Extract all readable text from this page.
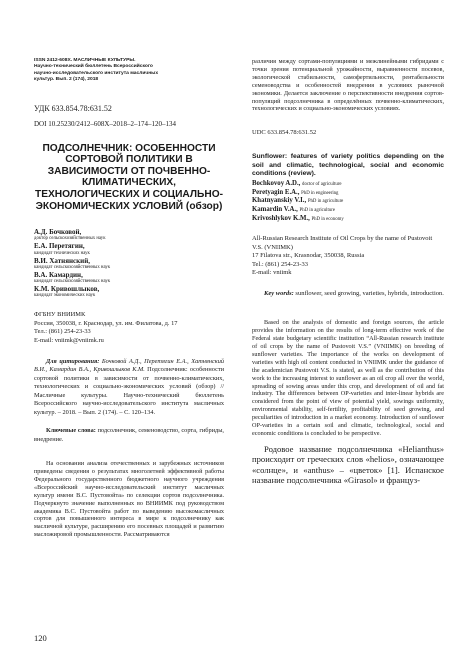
ISSN 2412-608X. МАСЛИЧНЫЕ КУЛЬТУРЫ.
Научно-технический бюллетень Всероссийского
научно-исследовательского института масличных
культур. Вып. 2 (174), 2018
УДК 633.854.78:631.52
DOI 10.25230/2412–608Х–2018–2–174–120–134
ПОДСОЛНЕЧНИК: ОСОБЕННОСТИ СОРТОВОЙ ПОЛИТИКИ В ЗАВИСИМОСТИ ОТ ПОЧВЕННО-КЛИМАТИЧЕСКИХ, ТЕХНОЛОГИЧЕСКИХ И СОЦИАЛЬНО-ЭКОНОМИЧЕСКИХ УСЛОВИЙ (обзор)
А.Д. Бочковой,
доктор сельскохозяйственных наук
Е.А. Перетягин,
кандидат технических наук
В.И. Хатнянский,
кандидат сельскохозяйственных наук
В.А. Камардин,
кандидат сельскохозяйственных наук
К.М. Кривошлыков,
кандидат экономических наук
ФГБНУ ВНИИМК
Россия, 350038, г. Краснодар, ул. им. Филатова, д. 17
Тел.: (861) 254-23-33
E-mail: vniimk@vniimk.ru

Для цитирования: Бочковой А.Д., Перетягин Е.А., Хатнянский В.И., Камардин В.А., Кривошлыков К.М. Подсолнечник: особенности сортовой политики в зависимости от почвенно-климатических, технологических и социально-экономических условий (обзор) // Масличные культуры. Научно-технический бюллетень Всероссийского научно-исследовательского института масличных культур. – 2018. – Вып. 2 (174). – С. 120–134.

Ключевые слова: подсолнечник, семеноводство, сорта, гибриды, внедрение.

На основании анализа отечественных и зарубежных источников приведены сведения о результатах многолетней эффективной работы Федерального государственного бюджетного научного учреждения «Всероссийский научно-исследовательский институт масличных культур имени В.С. Пустовойта» по селекции сортов подсолнечника. Подчеркнуто значение выполненных во ВНИИМК под руководством академика В.С. Пустовойта работ по выведению высокомасличных сортов для повышенного интереса в мире к подсолнечнику как масличной культуре, расширению его посевных площадей и развитию масложировой промышленности. Рассматриваются

120

различия между сортами-популяциями и межлинейными гибридами с точки зрения потенциальной урожайности, выравненности посевов, экологической стабильности, самофертильности, рентабельности семеноводства и особенностей внедрения в условиях рыночной экономики. Делается заключение о перспективности внедрения сортов-популяций подсолнечника в определённых почвенно-климатических, технологических и социально-экономических условиях.

UDC 633.854.78:631.52
Sunflower: features of variety politics depending on the soil and climatic, technological, social and economic conditions (review).
Bochkovoy A.D., doctor of agriculture
Peretyagin E.A., PhD in engineering
Khatnyanskiy V.I., PhD in agriculture
Kamardin V.A., PhD in agriculture
Krivoshlykov K.M., PhD in economy
All-Russian Research Institute of Oil Crops by the name of Pustovoit V.S. (VNIIMK)
17 Filatova str., Krasnodar, 350038, Russia
Tel.: (861) 254-23-33
E-mail: vniimk

Key words: sunflower, seed growing, varieties, hybrids, introduction.

Based on the analysis of domestic and foreign sources, the article provides the information on the results of long-term effective work of the Federal state budgetary scientific institution “All-Russian research institute of oil crops by the name of Pustovoit V.S.” (VNIIMK) on breeding of sunflower varieties. The importance of the works on development of varieties with high oil content conducted in VNIIMK under the guidance of the academician Pustovoit V.S. is stated, as well as the contribution of this work to the increasing interest to sunflower as an oil crop all over the world, spreading of sowing areas under this crop, and development of oil and fat industry. The differences between OP-varieties and inter-linear hybrids are considered from the point of view of potential yield, sowings uniformity, environmental stability, self-fertility, profitability of seed growing, and peculiarities of introduction in a market economy. Introduction of sunflower OP-varieties in a certain soil and climatic, technological, social and economic conditions is concluded to be perspective.

Родовое название подсолнечника «Helianthus» происходит от греческих слов «helios», означающее «солнце», и «anthus» – «цветок» [1]. Испанское название подсолнечника «Girasol» и француз-
